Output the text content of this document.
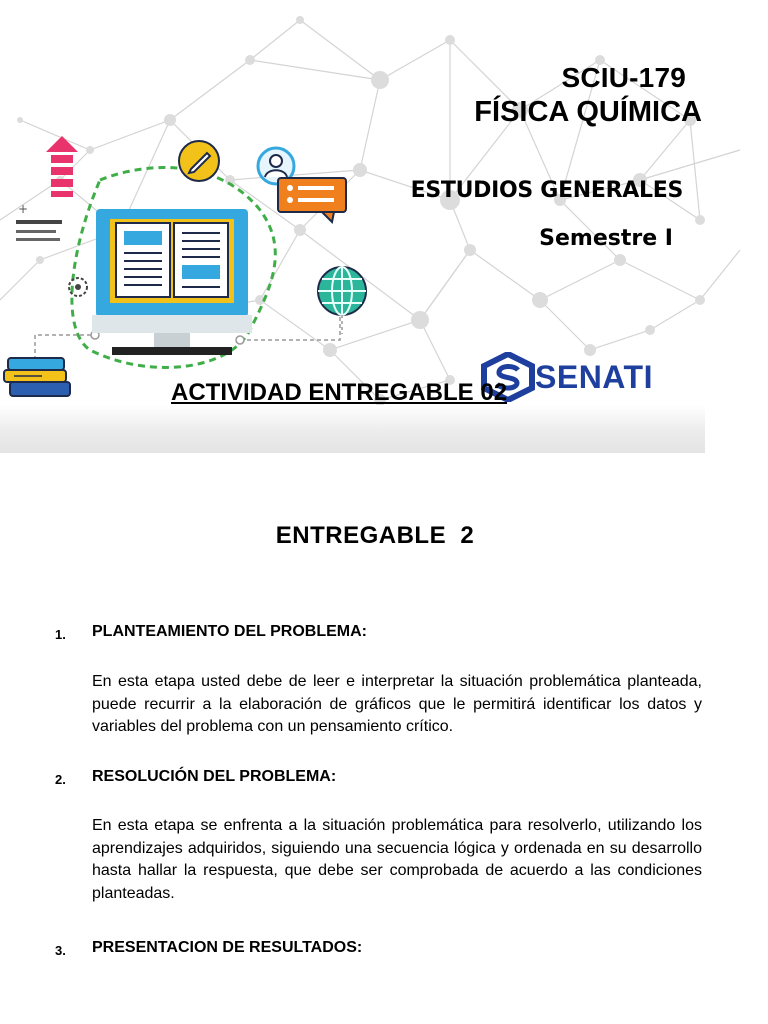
+
SCIU-179
FÍSICA QUÍMICA
ESTUDIOS GENERALES
Semestre I
SENATI
ACTIVIDAD ENTREGABLE 02
ENTREGABLE  2
1. PLANTEAMIENTO DEL PROBLEMA:
En esta etapa usted debe de leer e interpretar la situación problemática planteada, puede recurrir a la elaboración de gráficos que le permitirá identificar los datos y variables del problema con un pensamiento crítico.
2. RESOLUCIÓN DEL PROBLEMA:
En esta etapa se enfrenta a la situación problemática para resolverlo, utilizando los aprendizajes adquiridos, siguiendo una secuencia lógica y ordenada en su desarrollo hasta hallar la respuesta, que debe ser comprobada de acuerdo a las condiciones planteadas.
3. PRESENTACION DE RESULTADOS:
